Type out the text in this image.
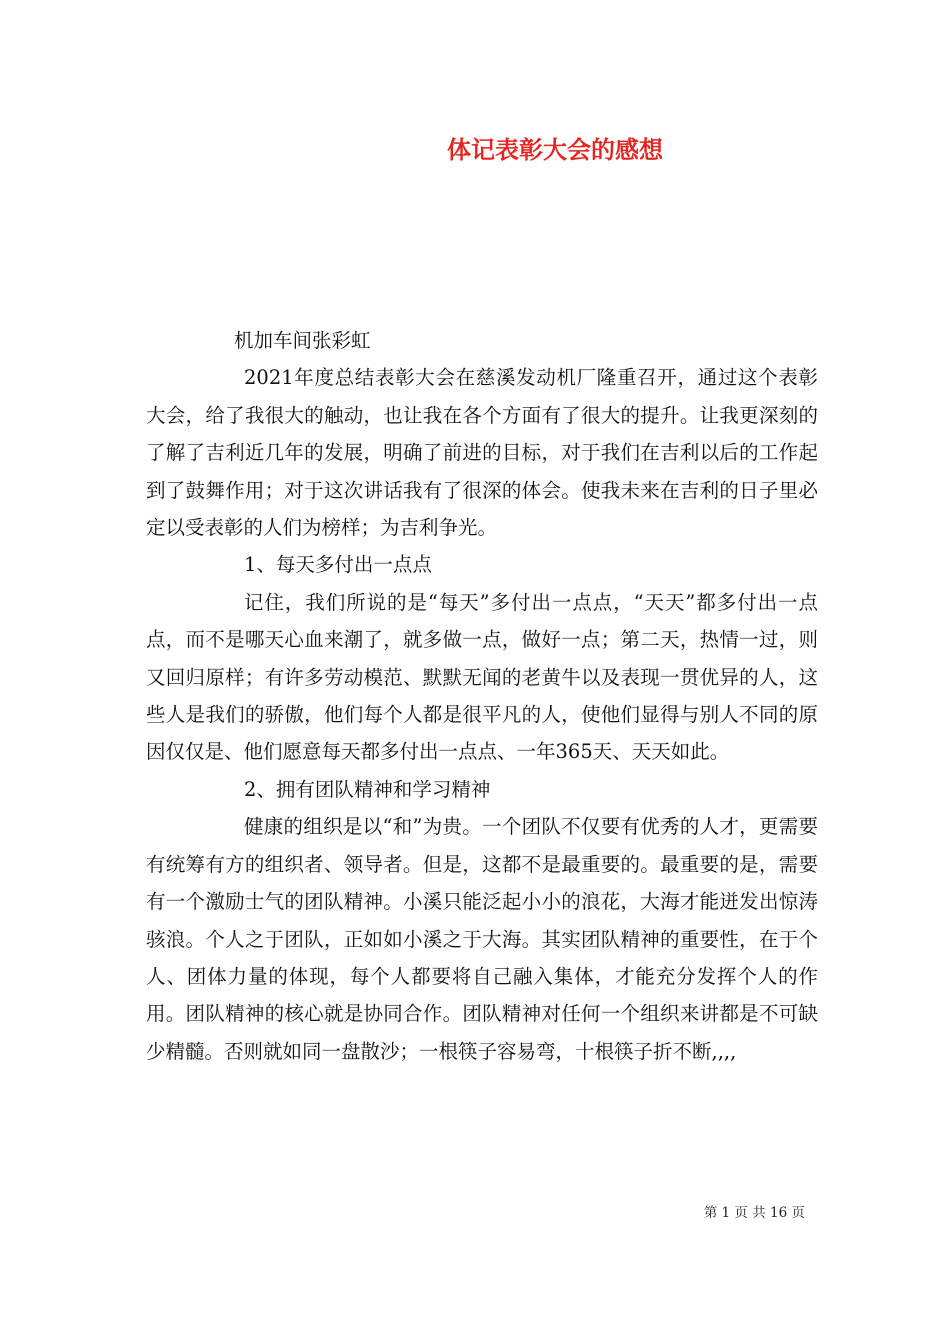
体记表彰大会的感想

机加车间张彩虹

2021年度总结表彰大会在慈溪发动机厂隆重召开，通过这个表彰大会，给了我很大的触动，也让我在各个方面有了很大的提升。让我更深刻的了解了吉利近几年的发展，明确了前进的目标，对于我们在吉利以后的工作起到了鼓舞作用；对于这次讲话我有了很深的体会。使我未来在吉利的日子里必定以受表彰的人们为榜样；为吉利争光。

1、每天多付出一点点

记住，我们所说的是“每天”多付出一点点，“天天”都多付出一点点，而不是哪天心血来潮了，就多做一点，做好一点；第二天，热情一过，则又回归原样；有许多劳动模范、默默无闻的老黄牛以及表现一贯优异的人，这些人是我们的骄傲，他们每个人都是很平凡的人，使他们显得与别人不同的原因仅仅是、他们愿意每天都多付出一点点、一年365天、天天如此。

2、拥有团队精神和学习精神

健康的组织是以“和”为贵。一个团队不仅要有优秀的人才，更需要有统筹有方的组织者、领导者。但是，这都不是最重要的。最重要的是，需要有一个激励士气的团队精神。小溪只能泛起小小的浪花，大海才能迸发出惊涛骇浪。个人之于团队，正如如小溪之于大海。其实团队精神的重要性，在于个人、团体力量的体现，每个人都要将自己融入集体，才能充分发挥个人的作用。团队精神的核心就是协同合作。团队精神对任何一个组织来讲都是不可缺少精髓。否则就如同一盘散沙；一根筷子容易弯，十根筷子折不断,,,,

第 1 页 共 16 页
